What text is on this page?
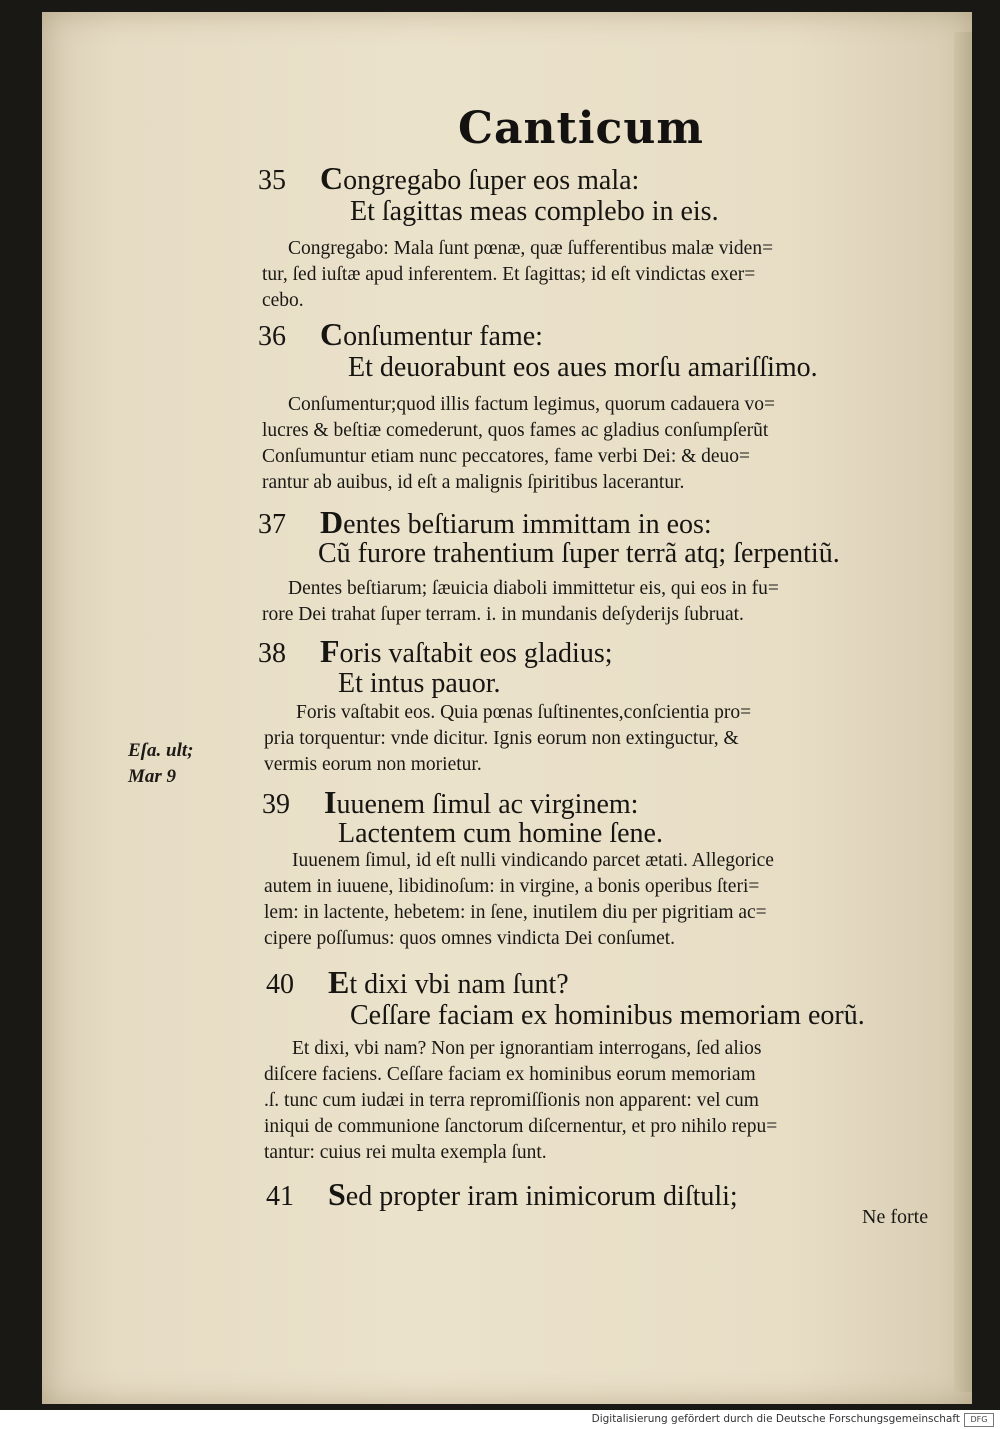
Canticum
35 Congregabo ſuper eos mala:
Et ſagittas meas complebo in eis.
Congregabo: Mala ſunt pœnæ, quæ ſufferentibus malæ viden=
tur, ſed iuſtæ apud inferentem. Et ſagittas; id eſt vindictas exer=
cebo.
36 Conſumentur fame:
Et deuorabunt eos aues morſu amariſſimo.
Conſumentur;quod illis factum legimus, quorum cadauera vo=
lucres & beſtiæ comederunt, quos fames ac gladius conſumpſerũt
Conſumuntur etiam nunc peccatores, fame verbi Dei: & deuo=
rantur ab auibus, id eſt a malignis ſpiritibus lacerantur.
37 Dentes beſtiarum immittam in eos:
Cũ furore trahentium ſuper terrã atq; ſerpentiũ.
Dentes beſtiarum; ſæuicia diaboli immittetur eis, qui eos in fu=
rore Dei trahat ſuper terram. i. in mundanis deſyderijs ſubruat.
38 Foris vaſtabit eos gladius;
Et intus pauor.
Foris vaſtabit eos. Quia pœnas ſuſtinentes,conſcientia pro=
pria torquentur: vnde dicitur. Ignis eorum non extinguctur, &
vermis eorum non morietur.
Eſa. ult;
Mar 9
39 Iuuenem ſimul ac virginem:
Lactentem cum homine ſene.
Iuuenem ſimul, id eſt nulli vindicando parcet ætati. Allegorice
autem in iuuene, libidinoſum: in virgine, a bonis operibus ſteri=
lem: in lactente, hebetem: in ſene, inutilem diu per pigritiam ac=
cipere poſſumus: quos omnes vindicta Dei conſumet.
40 Et dixi vbi nam ſunt?
Ceſſare faciam ex hominibus memoriam eorũ.
Et dixi, vbi nam? Non per ignorantiam interrogans, ſed alios
diſcere faciens. Ceſſare faciam ex hominibus eorum memoriam
.ſ. tunc cum iudæi in terra repromiſſionis non apparent: vel cum
iniqui de communione ſanctorum diſcernentur, et pro nihilo repu=
tantur: cuius rei multa exempla ſunt.
41 Sed propter iram inimicorum diſtuli;
Ne forte
Digitalisierung gefördert durch die Deutsche Forschungsgemeinschaft	DFG
